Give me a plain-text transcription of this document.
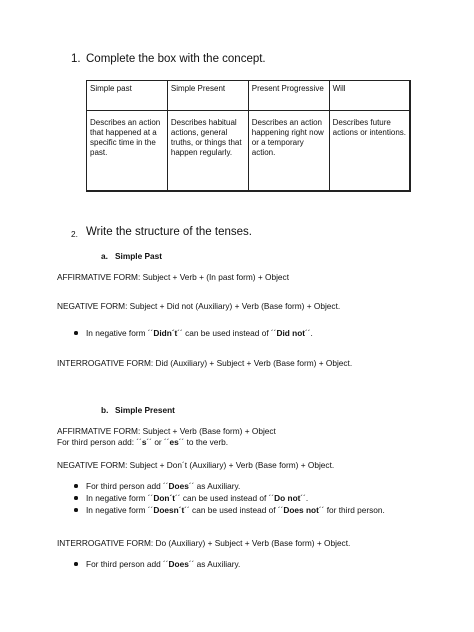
1. Complete the box with the concept.
Simple past	Simple Present	Present Progressive	Will
Describes an action that happened at a specific time in the past.	Describes habitual actions, general truths, or things that happen regularly.	Describes an action happening right now or a temporary action.	Describes future actions or intentions.
2. Write the structure of the tenses.
a. Simple Past
AFFIRMATIVE FORM: Subject + Verb + (In past form) + Object
NEGATIVE FORM: Subject + Did not (Auxiliary) + Verb (Base form) + Object.
In negative form ´´Didn´t´´ can be used instead of ´´Did not´´.
INTERROGATIVE FORM: Did (Auxiliary) + Subject + Verb (Base form) + Object.
b. Simple Present
AFFIRMATIVE FORM: Subject + Verb (Base form) + Object
For third person add: ´´s´´ or ´´es´´ to the verb.
NEGATIVE FORM: Subject + Don´t (Auxiliary) + Verb (Base form) + Object.
For third person add ´´Does´´ as Auxiliary.
In negative form ´´Don´t´´ can be used instead of ´´Do not´´.
In negative form ´´Doesn´t´´ can be used instead of ´´Does not´´ for third person.
INTERROGATIVE FORM: Do (Auxiliary) + Subject + Verb (Base form) + Object.
For third person add ´´Does´´ as Auxiliary.
